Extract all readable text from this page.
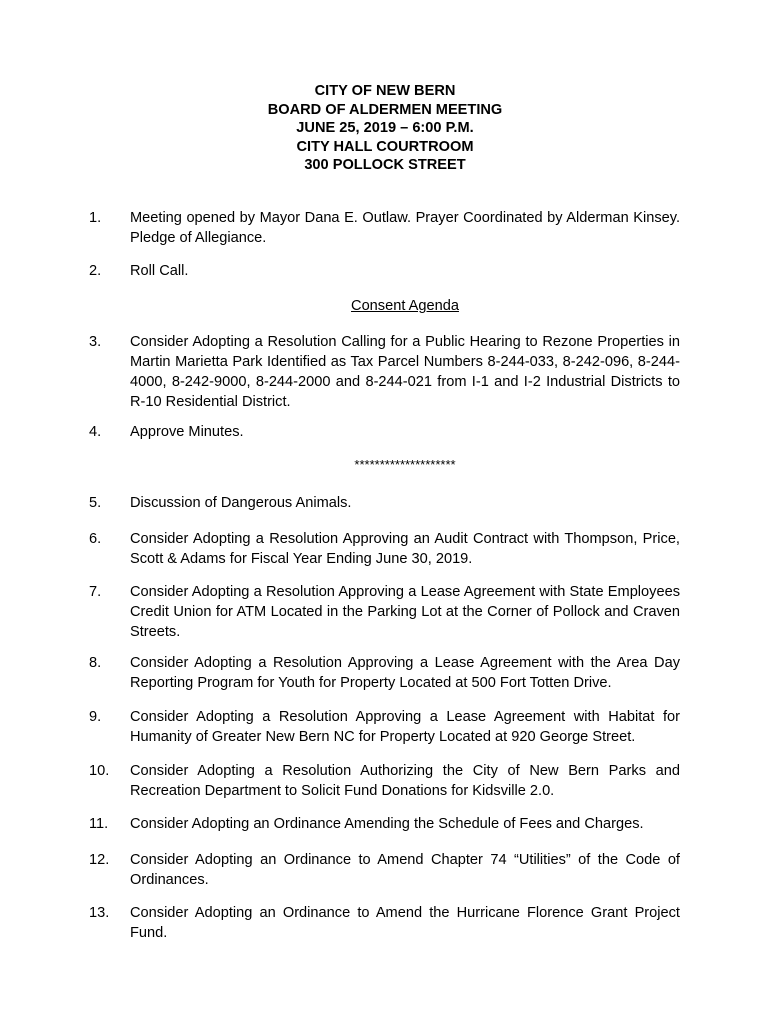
CITY OF NEW BERN
BOARD OF ALDERMEN MEETING
JUNE 25, 2019 – 6:00 P.M.
CITY HALL COURTROOM
300 POLLOCK STREET
1.	Meeting opened by Mayor Dana E. Outlaw. Prayer Coordinated by Alderman Kinsey. Pledge of Allegiance.
2.	Roll Call.
Consent Agenda
3.	Consider Adopting a Resolution Calling for a Public Hearing to Rezone Properties in Martin Marietta Park Identified as Tax Parcel Numbers 8-244-033, 8-242-096, 8-244-4000, 8-242-9000, 8-244-2000 and 8-244-021 from I-1 and I-2 Industrial Districts to R-10 Residential District.
4.	Approve Minutes.
********************
5.	Discussion of Dangerous Animals.
6.	Consider Adopting a Resolution Approving an Audit Contract with Thompson, Price, Scott & Adams for Fiscal Year Ending June 30, 2019.
7.	Consider Adopting a Resolution Approving a Lease Agreement with State Employees Credit Union for ATM Located in the Parking Lot at the Corner of Pollock and Craven Streets.
8.	Consider Adopting a Resolution Approving a Lease Agreement with the Area Day Reporting Program for Youth for Property Located at 500 Fort Totten Drive.
9.	Consider Adopting a Resolution Approving a Lease Agreement with Habitat for Humanity of Greater New Bern NC for Property Located at 920 George Street.
10.	Consider Adopting a Resolution Authorizing the City of New Bern Parks and Recreation Department to Solicit Fund Donations for Kidsville 2.0.
11.	Consider Adopting an Ordinance Amending the Schedule of Fees and Charges.
12.	Consider Adopting an Ordinance to Amend Chapter 74 “Utilities” of the Code of Ordinances.
13.	Consider Adopting an Ordinance to Amend the Hurricane Florence Grant Project Fund.
